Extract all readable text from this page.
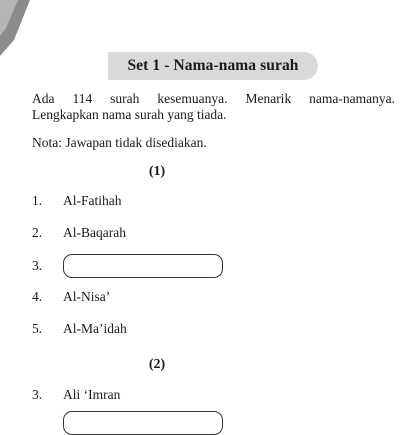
Set 1 - Nama-nama surah
Ada 114 surah kesemuanya. Menarik nama-namanya.
Lengkapkan nama surah yang tiada.
Nota: Jawapan tidak disediakan.
(1)
1.	Al-Fatihah
2.	Al-Baqarah
3.
4.	Al-Nisa’
5.	Al-Ma’idah
(2)
3.	Ali ‘Imran
